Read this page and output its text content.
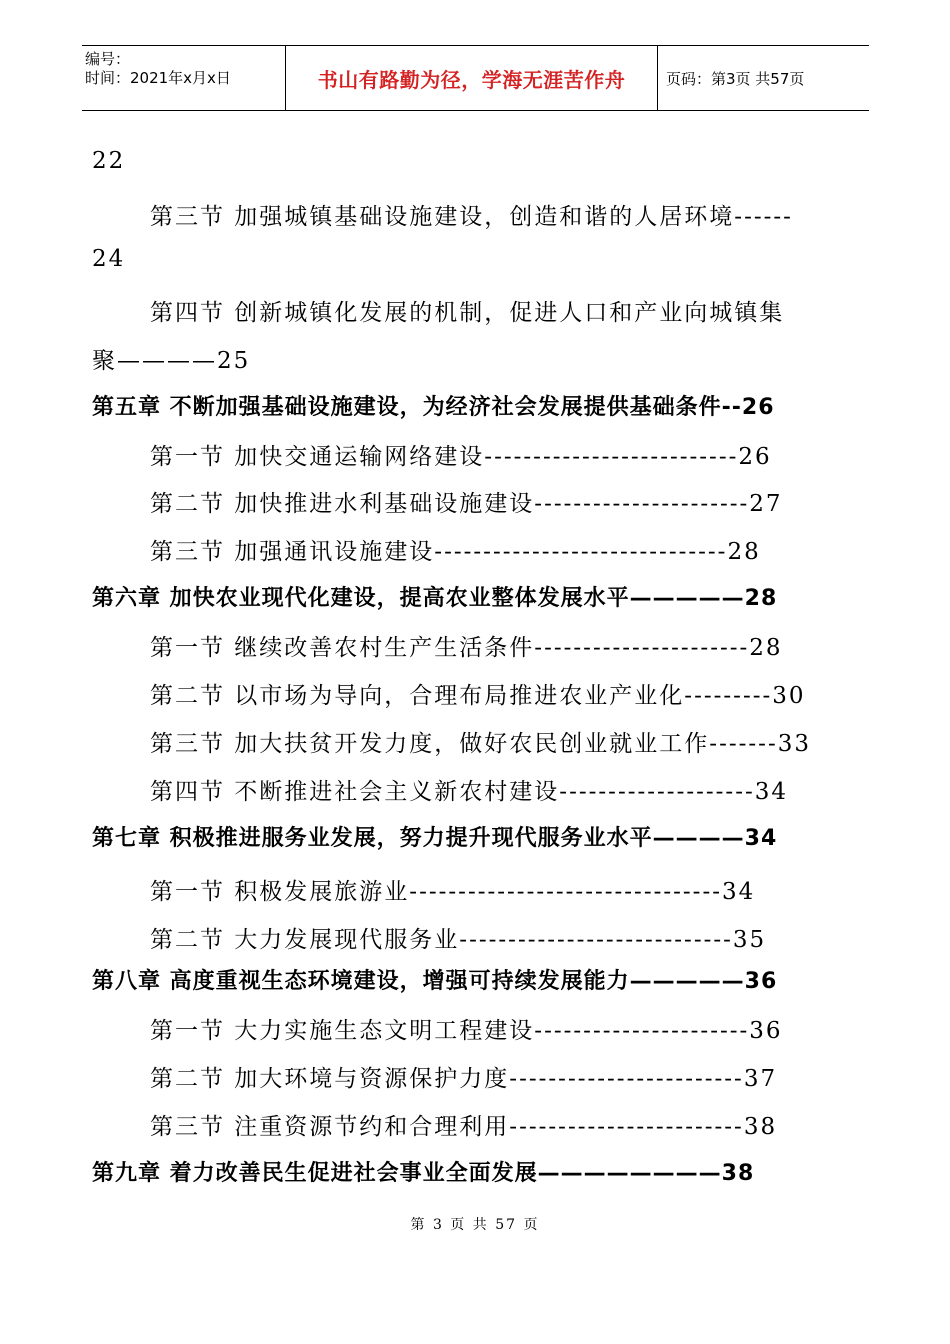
编号：
时间：2021年x月x日	书山有路勤为径，学海无涯苦作舟	页码：第3页 共57页
22
第三节 加强城镇基础设施建设，创造和谐的人居环境------
24
第四节 创新城镇化发展的机制，促进人口和产业向城镇集
聚————25
第五章 不断加强基础设施建设，为经济社会发展提供基础条件--26
第一节 加快交通运输网络建设--------------------------26
第二节 加快推进水利基础设施建设----------------------27
第三节 加强通讯设施建设------------------------------28
第六章 加快农业现代化建设，提高农业整体发展水平—————28
第一节 继续改善农村生产生活条件----------------------28
第二节 以市场为导向，合理布局推进农业产业化---------30
第三节 加大扶贫开发力度，做好农民创业就业工作-------33
第四节 不断推进社会主义新农村建设--------------------34
第七章 积极推进服务业发展，努力提升现代服务业水平————34
第一节 积极发展旅游业--------------------------------34
第二节 大力发展现代服务业----------------------------35
第八章 高度重视生态环境建设，增强可持续发展能力—————36
第一节 大力实施生态文明工程建设----------------------36
第二节 加大环境与资源保护力度------------------------37
第三节 注重资源节约和合理利用------------------------38
第九章 着力改善民生促进社会事业全面发展————————38
第 3 页 共 57 页
